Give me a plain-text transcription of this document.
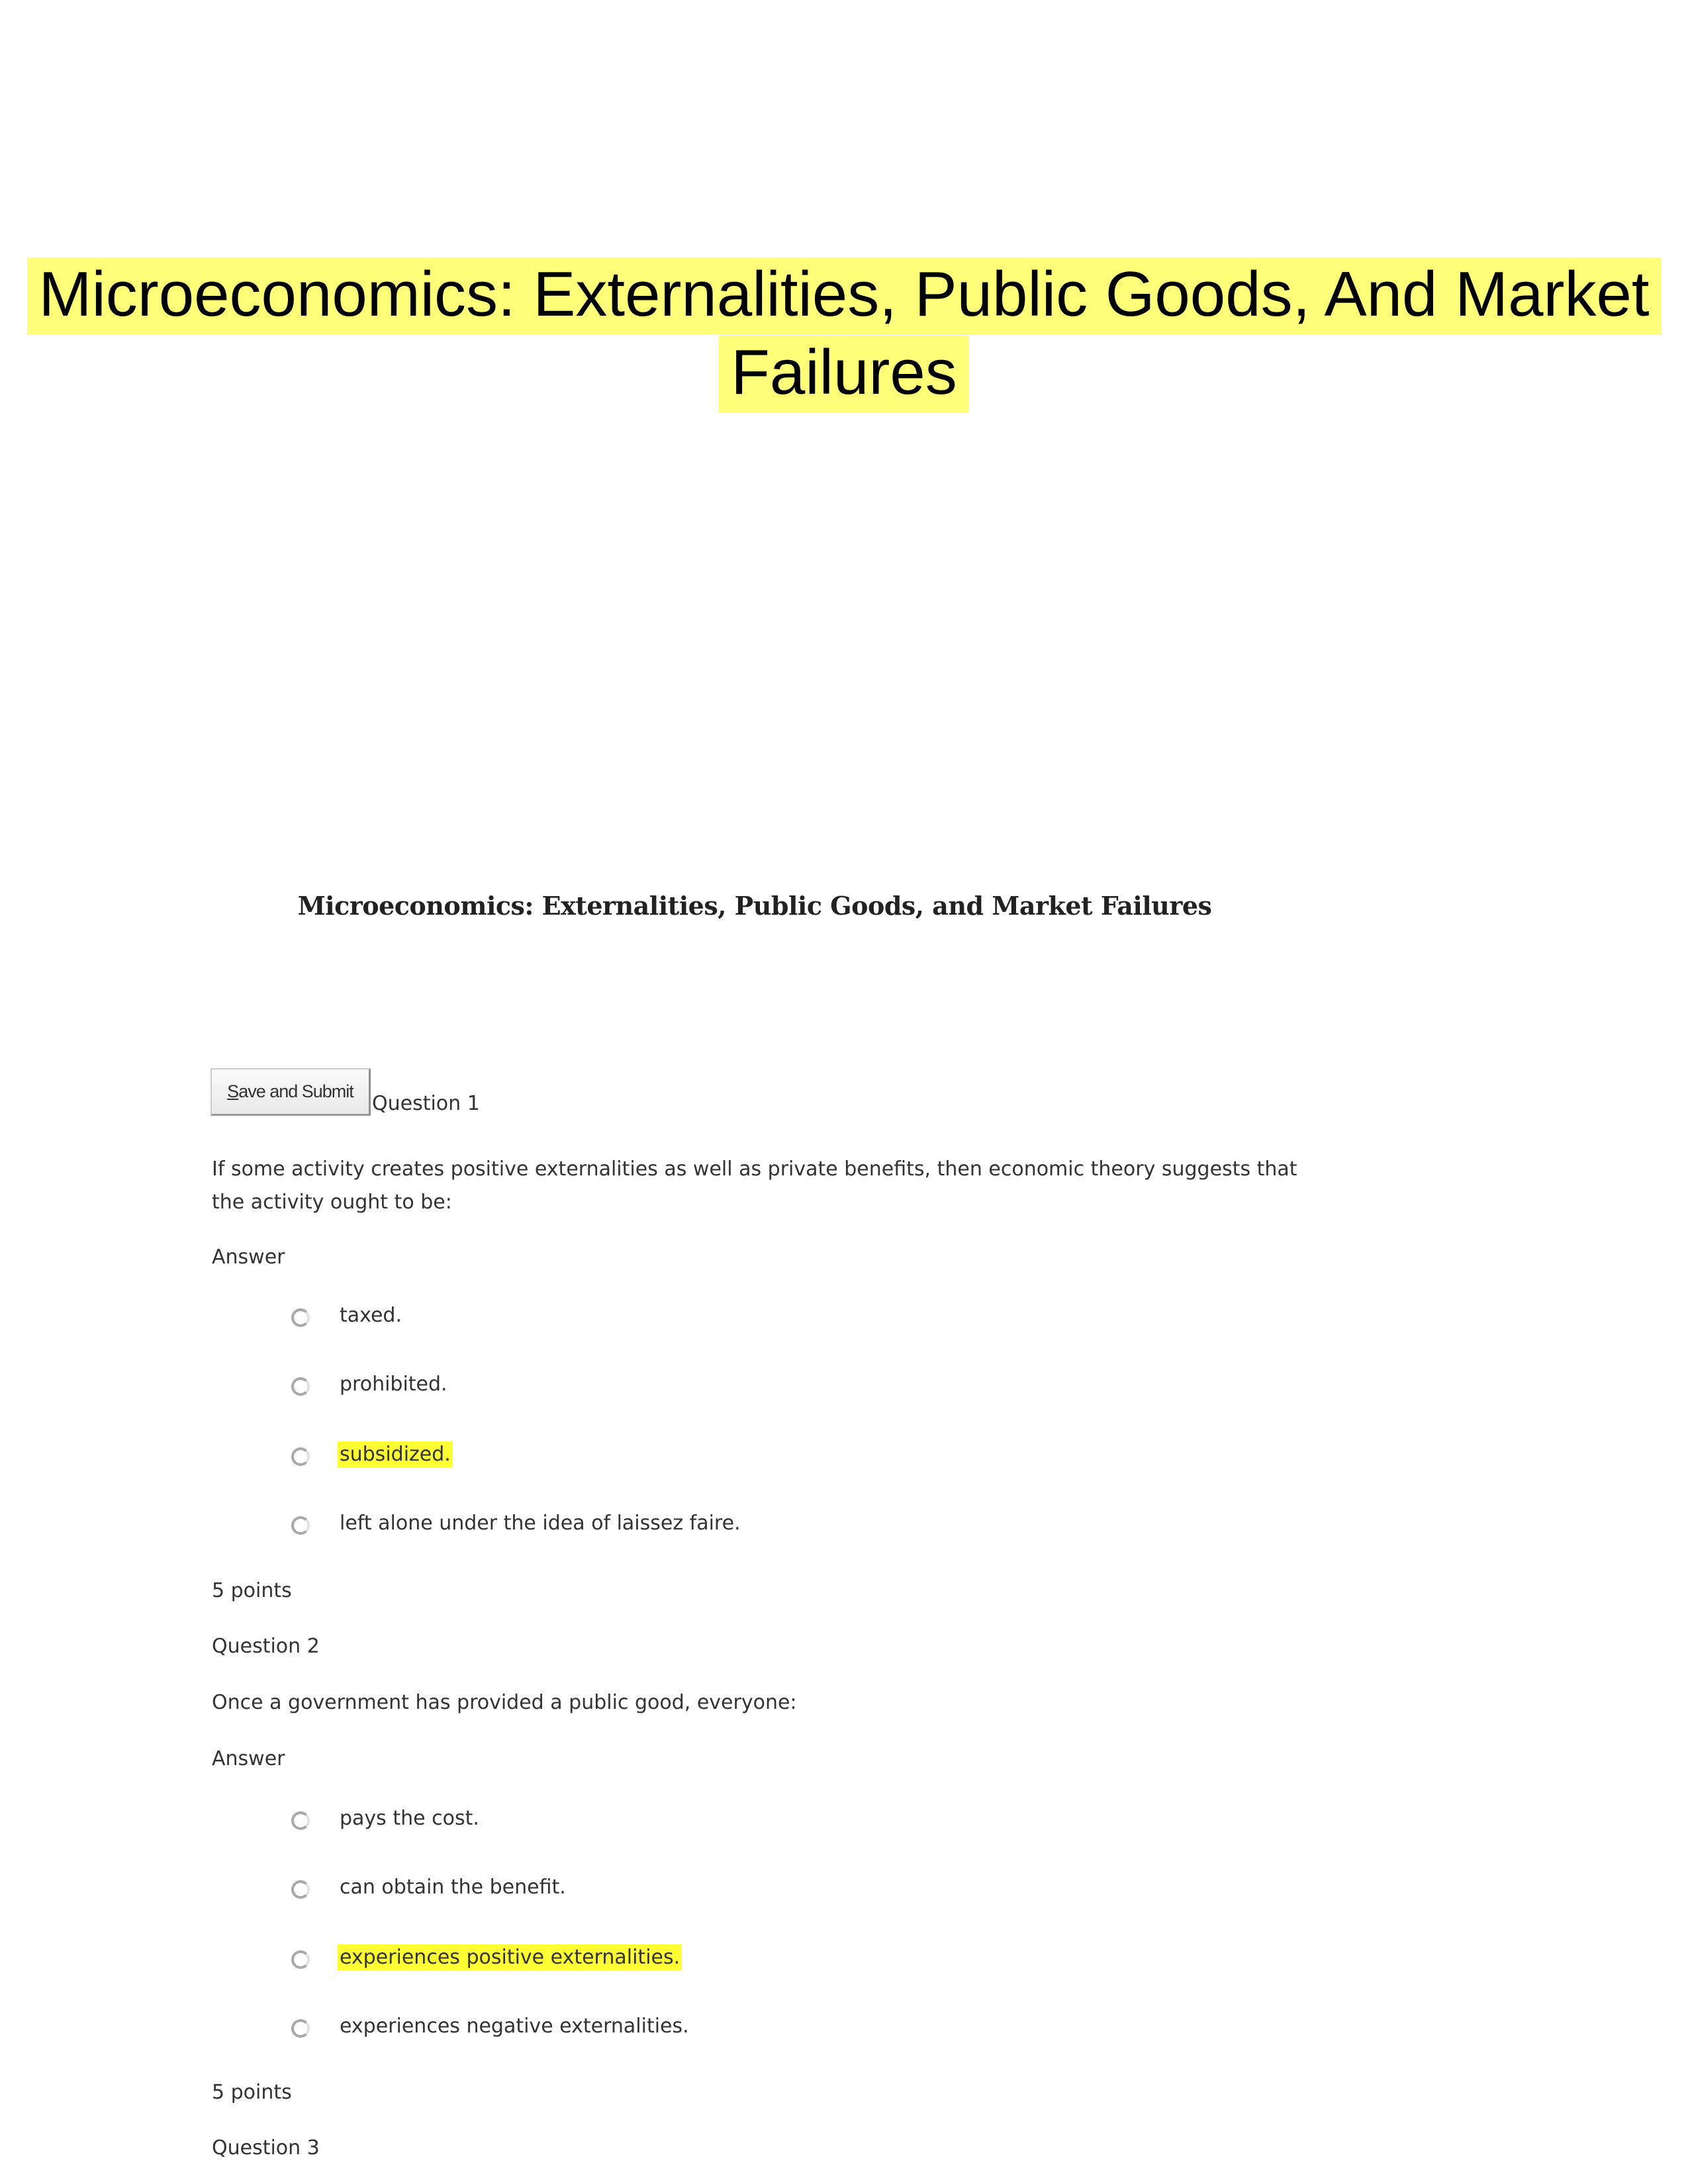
Microeconomics: Externalities, Public Goods, And Market Failures
Microeconomics: Externalities, Public Goods, and Market Failures
S ave and Submit
Question 1
If some activity creates positive externalities as well as private benefits, then economic theory suggests that the activity ought to be:
Answer
taxed.
prohibited.
subsidized.
left alone under the idea of laissez faire.
5 points
Question 2
Once a government has provided a public good, everyone:
Answer
pays the cost.
can obtain the benefit.
experiences positive externalities.
experiences negative externalities.
5 points
Question 3
